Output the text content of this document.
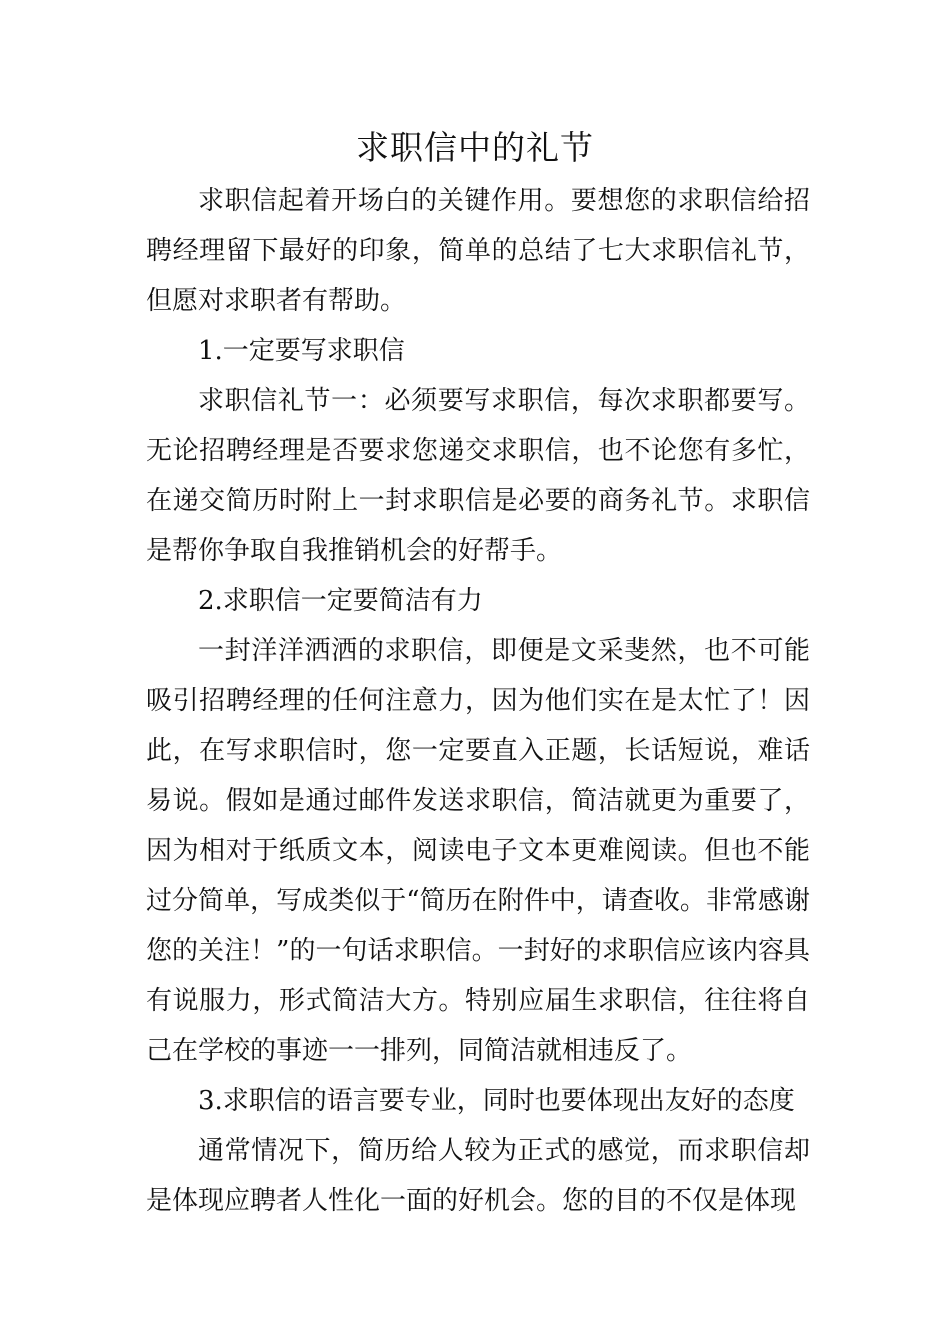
求职信中的礼节

求职信起着开场白的关键作用。要想您的求职信给招聘经理留下最好的印象，简单的总结了七大求职信礼节，但愿对求职者有帮助。

1.一定要写求职信

求职信礼节一：必须要写求职信，每次求职都要写。无论招聘经理是否要求您递交求职信，也不论您有多忙，在递交简历时附上一封求职信是必要的商务礼节。求职信是帮你争取自我推销机会的好帮手。

2.求职信一定要简洁有力

一封洋洋洒洒的求职信，即便是文采斐然，也不可能吸引招聘经理的任何注意力，因为他们实在是太忙了！因此，在写求职信时，您一定要直入正题，长话短说，难话易说。假如是通过邮件发送求职信，简洁就更为重要了，因为相对于纸质文本，阅读电子文本更难阅读。但也不能过分简单，写成类似于“简历在附件中，请查收。非常感谢您的关注！”的一句话求职信。一封好的求职信应该内容具有说服力，形式简洁大方。特别应届生求职信，往往将自己在学校的事迹一一排列，同简洁就相违反了。

3.求职信的语言要专业，同时也要体现出友好的态度

通常情况下，简历给人较为正式的感觉，而求职信却是体现应聘者人性化一面的好机会。您的目的不仅是体现
